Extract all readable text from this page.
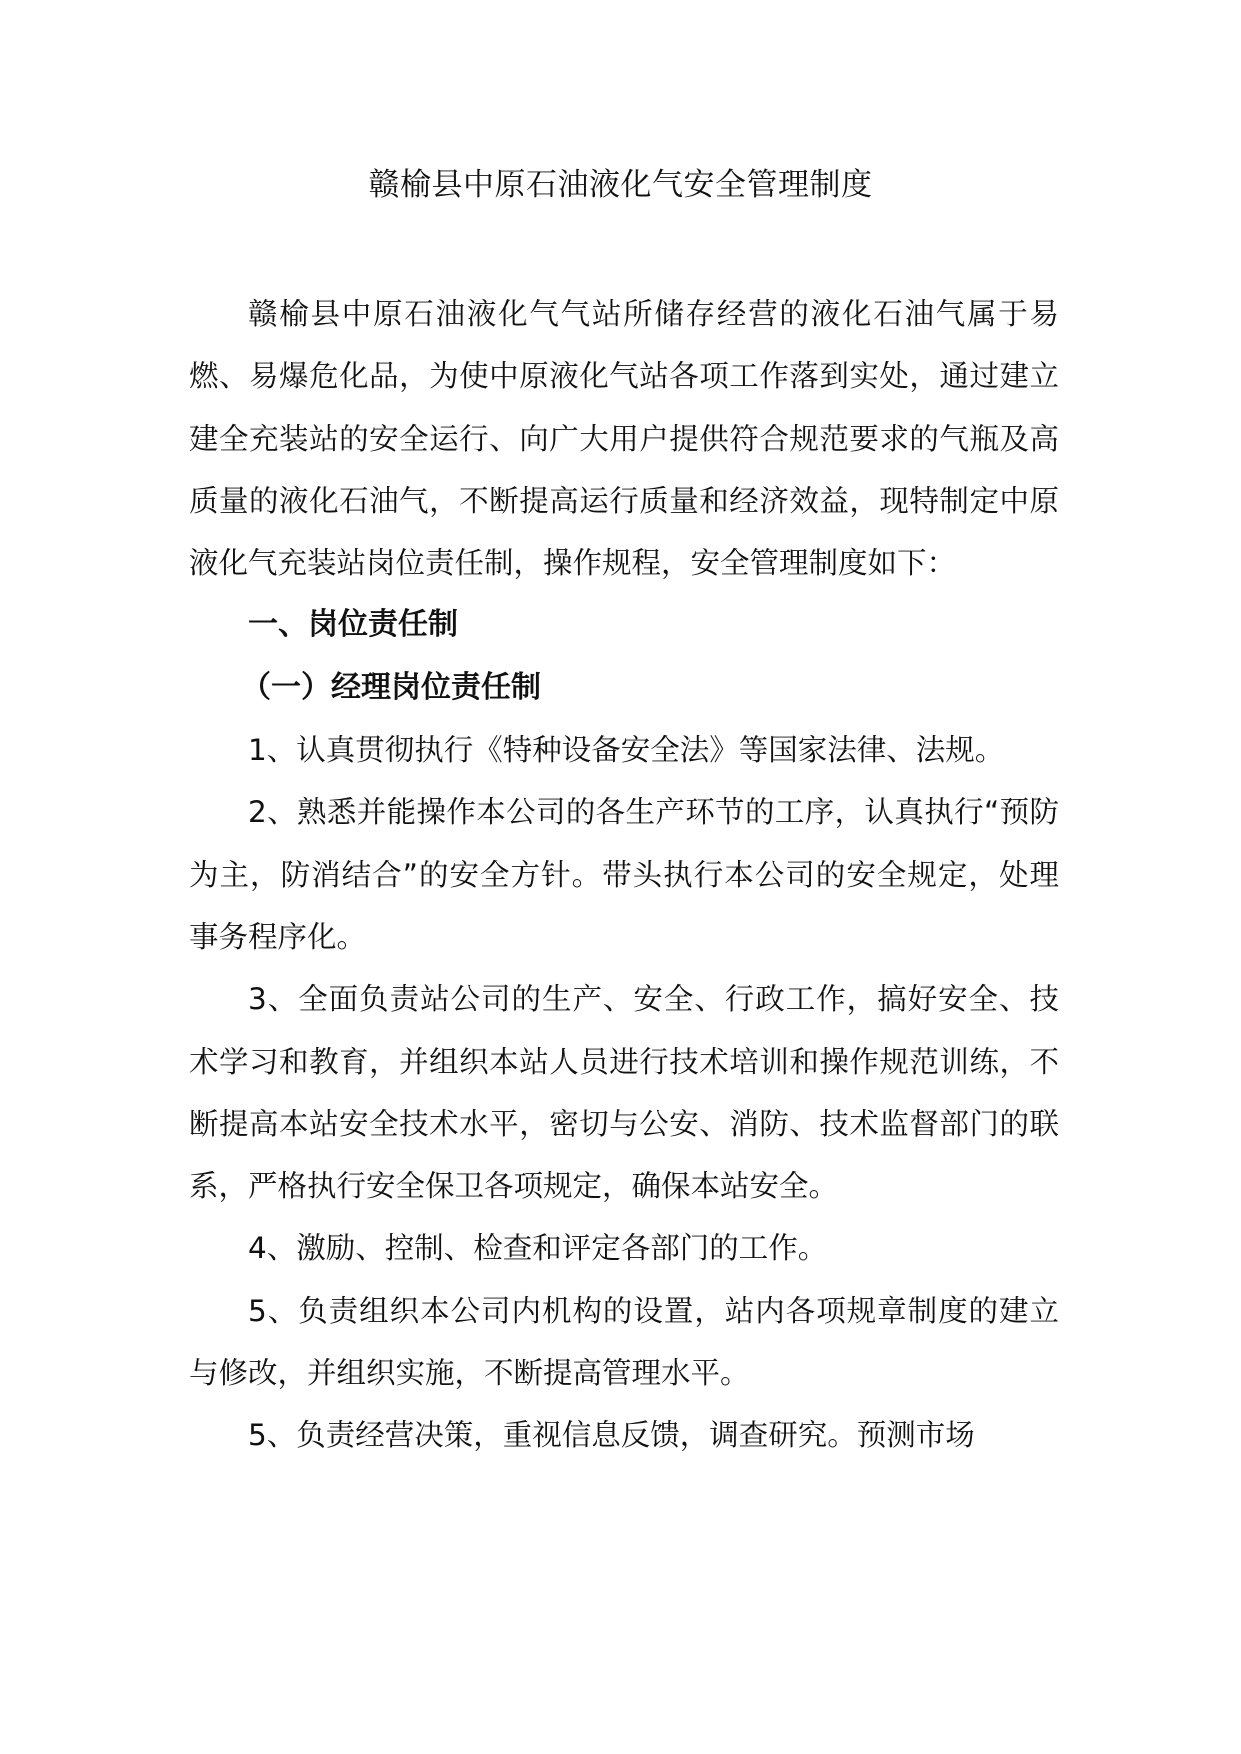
赣榆县中原石油液化气安全管理制度

赣榆县中原石油液化气气站所储存经营的液化石油气属于易燃、易爆危化品，为使中原液化气站各项工作落到实处，通过建立建全充装站的安全运行、向广大用户提供符合规范要求的气瓶及高质量的液化石油气，不断提高运行质量和经济效益，现特制定中原液化气充装站岗位责任制，操作规程，安全管理制度如下：

一、岗位责任制

（一）经理岗位责任制

1、认真贯彻执行《特种设备安全法》等国家法律、法规。

2、熟悉并能操作本公司的各生产环节的工序，认真执行“预防为主，防消结合”的安全方针。带头执行本公司的安全规定，处理事务程序化。

3、全面负责站公司的生产、安全、行政工作，搞好安全、技术学习和教育，并组织本站人员进行技术培训和操作规范训练，不断提高本站安全技术水平，密切与公安、消防、技术监督部门的联系，严格执行安全保卫各项规定，确保本站安全。

4、激励、控制、检查和评定各部门的工作。

5、负责组织本公司内机构的设置，站内各项规章制度的建立与修改，并组织实施，不断提高管理水平。

5、负责经营决策，重视信息反馈，调查研究。预测市场
